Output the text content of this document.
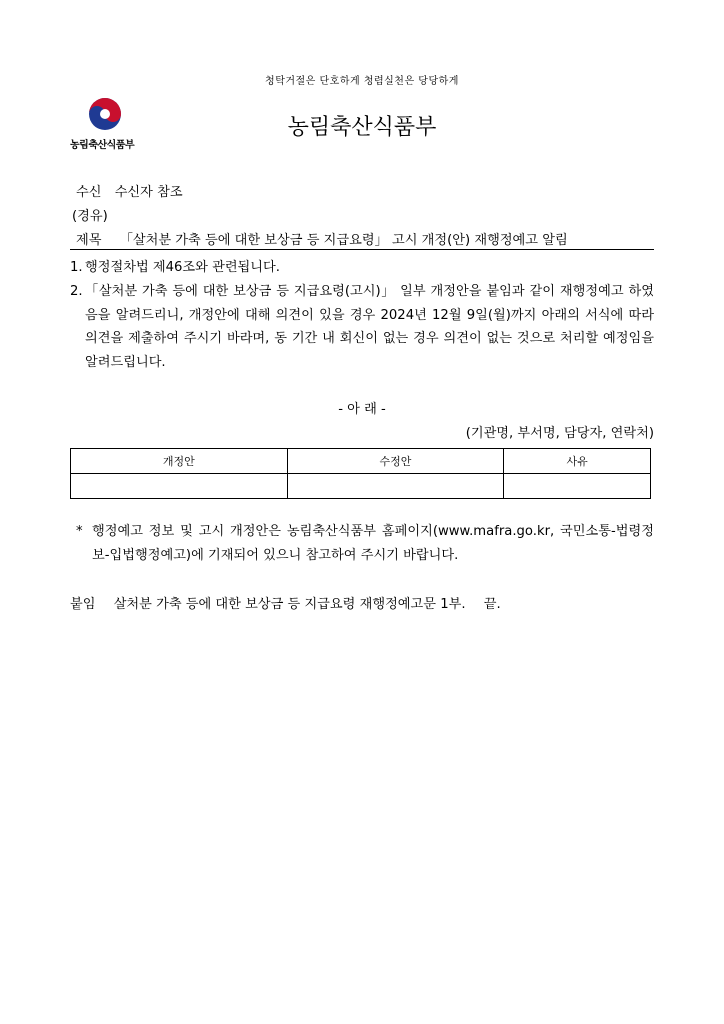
청탁거절은 단호하게 청렴실천은 당당하게
농림축산식품부
농림축산식품부
수신 수신자 참조
(경유)
제목 「살처분 가축 등에 대한 보상금 등 지급요령」 고시 개정(안) 재행정예고 알림
1. 행정절차법 제46조와 관련됩니다.
2. 「살처분 가축 등에 대한 보상금 등 지급요령(고시)」 일부 개정안을 붙임과 같이 재행정예고 하였음을 알려드리니, 개정안에 대해 의견이 있을 경우 2024년 12월 9일(월)까지 아래의 서식에 따라 의견을 제출하여 주시기 바라며, 동 기간 내 회신이 없는 경우 의견이 없는 것으로 처리할 예정임을 알려드립니다.
- 아 래 -
(기관명, 부서명, 담당자, 연락처)
개정안	수정안	사유

* 행정예고 정보 및 고시 개정안은 농림축산식품부 홈페이지(www.mafra.go.kr, 국민소통-법령정보-입법행정예고)에 기재되어 있으니 참고하여 주시기 바랍니다.
붙임 살처분 가축 등에 대한 보상금 등 지급요령 재행정예고문 1부. 끝.
